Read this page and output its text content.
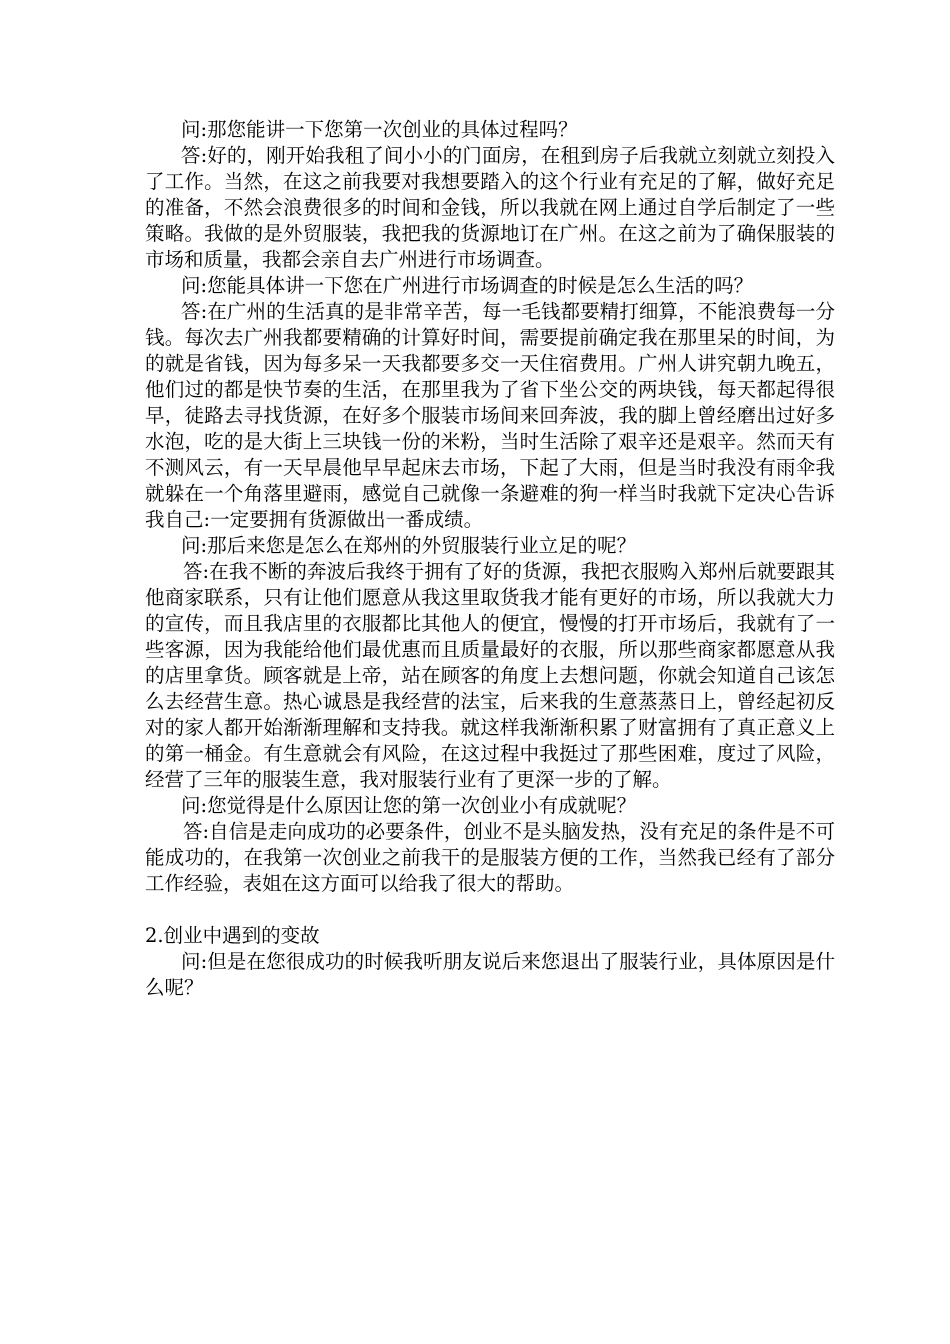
问:那您能讲一下您第一次创业的具体过程吗？

答:好的，刚开始我租了间小小的门面房，在租到房子后我就立刻就立刻投入了工作。当然，在这之前我要对我想要踏入的这个行业有充足的了解，做好充足的准备，不然会浪费很多的时间和金钱，所以我就在网上通过自学后制定了一些策略。我做的是外贸服装，我把我的货源地订在广州。在这之前为了确保服装的市场和质量，我都会亲自去广州进行市场调查。

问:您能具体讲一下您在广州进行市场调查的时候是怎么生活的吗？

答:在广州的生活真的是非常辛苦，每一毛钱都要精打细算，不能浪费每一分钱。每次去广州我都要精确的计算好时间，需要提前确定我在那里呆的时间，为的就是省钱，因为每多呆一天我都要多交一天住宿费用。广州人讲究朝九晚五，他们过的都是快节奏的生活，在那里我为了省下坐公交的两块钱，每天都起得很早，徒路去寻找货源，在好多个服装市场间来回奔波，我的脚上曾经磨出过好多水泡，吃的是大街上三块钱一份的米粉，当时生活除了艰辛还是艰辛。然而天有不测风云，有一天早晨他早早起床去市场，下起了大雨，但是当时我没有雨伞我就躲在一个角落里避雨，感觉自己就像一条避难的狗一样当时我就下定决心告诉我自己:一定要拥有货源做出一番成绩。

问:那后来您是怎么在郑州的外贸服装行业立足的呢？

答:在我不断的奔波后我终于拥有了好的货源，我把衣服购入郑州后就要跟其他商家联系，只有让他们愿意从我这里取货我才能有更好的市场，所以我就大力的宣传，而且我店里的衣服都比其他人的便宜，慢慢的打开市场后，我就有了一些客源，因为我能给他们最优惠而且质量最好的衣服，所以那些商家都愿意从我的店里拿货。顾客就是上帝，站在顾客的角度上去想问题，你就会知道自己该怎么去经营生意。热心诚恳是我经营的法宝，后来我的生意蒸蒸日上，曾经起初反对的家人都开始渐渐理解和支持我。就这样我渐渐积累了财富拥有了真正意义上的第一桶金。有生意就会有风险，在这过程中我挺过了那些困难，度过了风险，经营了三年的服装生意，我对服装行业有了更深一步的了解。

问:您觉得是什么原因让您的第一次创业小有成就呢？

答:自信是走向成功的必要条件，创业不是头脑发热，没有充足的条件是不可能成功的，在我第一次创业之前我干的是服装方便的工作，当然我已经有了部分工作经验，表姐在这方面可以给我了很大的帮助。

2.创业中遇到的变故

问:但是在您很成功的时候我听朋友说后来您退出了服装行业，具体原因是什么呢？
